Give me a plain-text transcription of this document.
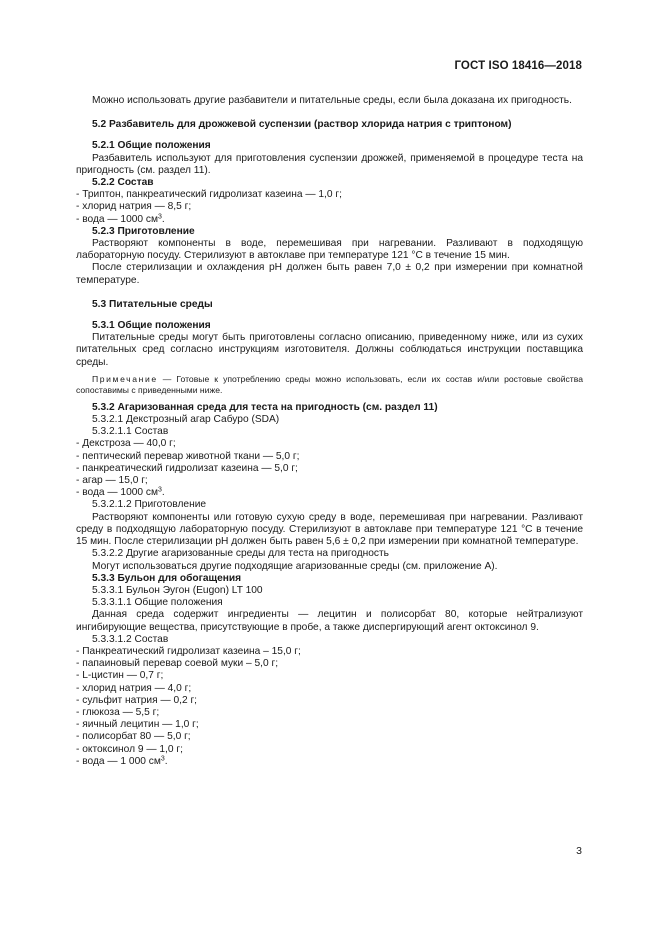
ГОСТ ISO 18416—2018

Можно использовать другие разбавители и питательные среды, если была доказана их пригодность.

5.2 Разбавитель для дрожжевой суспензии (раствор хлорида натрия с триптоном)

5.2.1 Общие положения

Разбавитель используют для приготовления суспензии дрожжей, применяемой в процедуре теста на пригодность (см. раздел 11).

5.2.2 Состав

- Триптон, панкреатический гидролизат казеина — 1,0 г;
- хлорид натрия — 8,5 г;
- вода — 1000 $см^3$.

5.2.3 Приготовление

Растворяют компоненты в воде, перемешивая при нагревании. Разливают в подходящую лабораторную посуду. Стерилизуют в автоклаве при температуре 121 °С в течение 15 мин.

После стерилизации и охлаждения рН должен быть равен 7,0 ± 0,2 при измерении при комнатной температуре.

5.3 Питательные среды

5.3.1 Общие положения

Питательные среды могут быть приготовлены согласно описанию, приведенному ниже, или из сухих питательных сред согласно инструкциям изготовителя. Должны соблюдаться инструкции поставщика среды.

Примечание — Готовые к употреблению среды можно использовать, если их состав и/или ростовые свойства сопоставимы с приведенными ниже.

5.3.2 Агаризованная среда для теста на пригодность (см. раздел 11)

5.3.2.1 Декстрозный агар Сабуро (SDA)

5.3.2.1.1 Состав

- Декстроза — 40,0 г;
- пептический перевар животной ткани — 5,0 г;
- панкреатический гидролизат казеина — 5,0 г;
- агар — 15,0 г;
- вода — 1000 $см^3$.

5.3.2.1.2 Приготовление

Растворяют компоненты или готовую сухую среду в воде, перемешивая при нагревании. Разливают среду в подходящую лабораторную посуду. Стерилизуют в автоклаве при температуре 121 °С в течение 15 мин. После стерилизации рН должен быть равен 5,6 ± 0,2 при измерении при комнатной температуре.

5.3.2.2 Другие агаризованные среды для теста на пригодность

Могут использоваться другие подходящие агаризованные среды (см. приложение А).

5.3.3 Бульон для обогащения

5.3.3.1 Бульон Эугон (Eugon) LT 100

5.3.3.1.1 Общие положения

Данная среда содержит ингредиенты — лецитин и полисорбат 80, которые нейтрализуют ингибирующие вещества, присутствующие в пробе, а также диспергирующий агент октоксинол 9.

5.3.3.1.2 Состав

- Панкреатический гидролизат казеина – 15,0 г;
- папаиновый перевар соевой муки – 5,0 г;
- L-цистин — 0,7 г;
- хлорид натрия — 4,0 г;
- сульфит натрия — 0,2 г;
- глюкоза — 5,5 г;
- яичный лецитин — 1,0 г;
- полисорбат 80 — 5,0 г;
- октоксинол 9 — 1,0 г;
- вода — 1 000 $см^3$.
3
